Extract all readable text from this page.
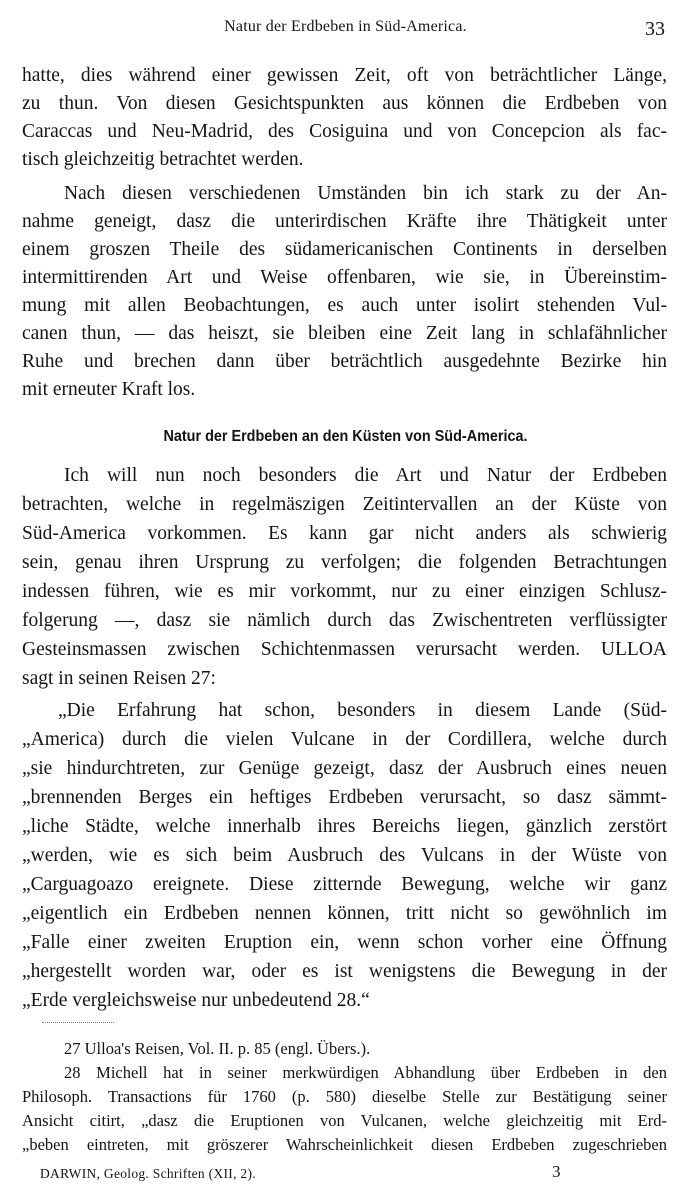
Natur der Erdbeben in Süd-America.	33
hatte, dies während einer gewissen Zeit, oft von beträchtlicher Länge,
zu thun. Von diesen Gesichtspunkten aus können die Erdbeben von
Caraccas und Neu-Madrid, des Cosiguina und von Concepcion als fac-
tisch gleichzeitig betrachtet werden.
Nach diesen verschiedenen Umständen bin ich stark zu der An-
nahme geneigt, dasz die unterirdischen Kräfte ihre Thätigkeit unter
einem groszen Theile des südamericanischen Continents in derselben
intermittirenden Art und Weise offenbaren, wie sie, in Übereinstim-
mung mit allen Beobachtungen, es auch unter isolirt stehenden Vul-
canen thun, — das heiszt, sie bleiben eine Zeit lang in schlafähnlicher
Ruhe und brechen dann über beträchtlich ausgedehnte Bezirke hin
mit erneuter Kraft los.
Natur der Erdbeben an den Küsten von Süd-America.
Ich will nun noch besonders die Art und Natur der Erdbeben
betrachten, welche in regelmäszigen Zeitintervallen an der Küste von
Süd-America vorkommen. Es kann gar nicht anders als schwierig
sein, genau ihren Ursprung zu verfolgen; die folgenden Betrachtungen
indessen führen, wie es mir vorkommt, nur zu einer einzigen Schlusz-
folgerung —, dasz sie nämlich durch das Zwischentreten verflüssigter
Gesteinsmassen zwischen Schichtenmassen verursacht werden. ULLOA
sagt in seinen Reisen 27:
„Die Erfahrung hat schon, besonders in diesem Lande (Süd-
„America) durch die vielen Vulcane in der Cordillera, welche durch
„sie hindurchtreten, zur Genüge gezeigt, dasz der Ausbruch eines neuen
„brennenden Berges ein heftiges Erdbeben verursacht, so dasz sämmt-
„liche Städte, welche innerhalb ihres Bereichs liegen, gänzlich zerstört
„werden, wie es sich beim Ausbruch des Vulcans in der Wüste von
„Carguagoazo ereignete. Diese zitternde Bewegung, welche wir ganz
„eigentlich ein Erdbeben nennen können, tritt nicht so gewöhnlich im
„Falle einer zweiten Eruption ein, wenn schon vorher eine Öffnung
„hergestellt worden war, oder es ist wenigstens die Bewegung in der
„Erde vergleichsweise nur unbedeutend 28.“
27 Ulloa's Reisen, Vol. II. p. 85 (engl. Übers.).
28 Michell hat in seiner merkwürdigen Abhandlung über Erdbeben in den
Philosoph. Transactions für 1760 (p. 580) dieselbe Stelle zur Bestätigung seiner
Ansicht citirt, „dasz die Eruptionen von Vulcanen, welche gleichzeitig mit Erd-
„beben eintreten, mit gröszerer Wahrscheinlichkeit diesen Erdbeben zugeschrieben
DARWIN, Geolog. Schriften (XII, 2).	3
